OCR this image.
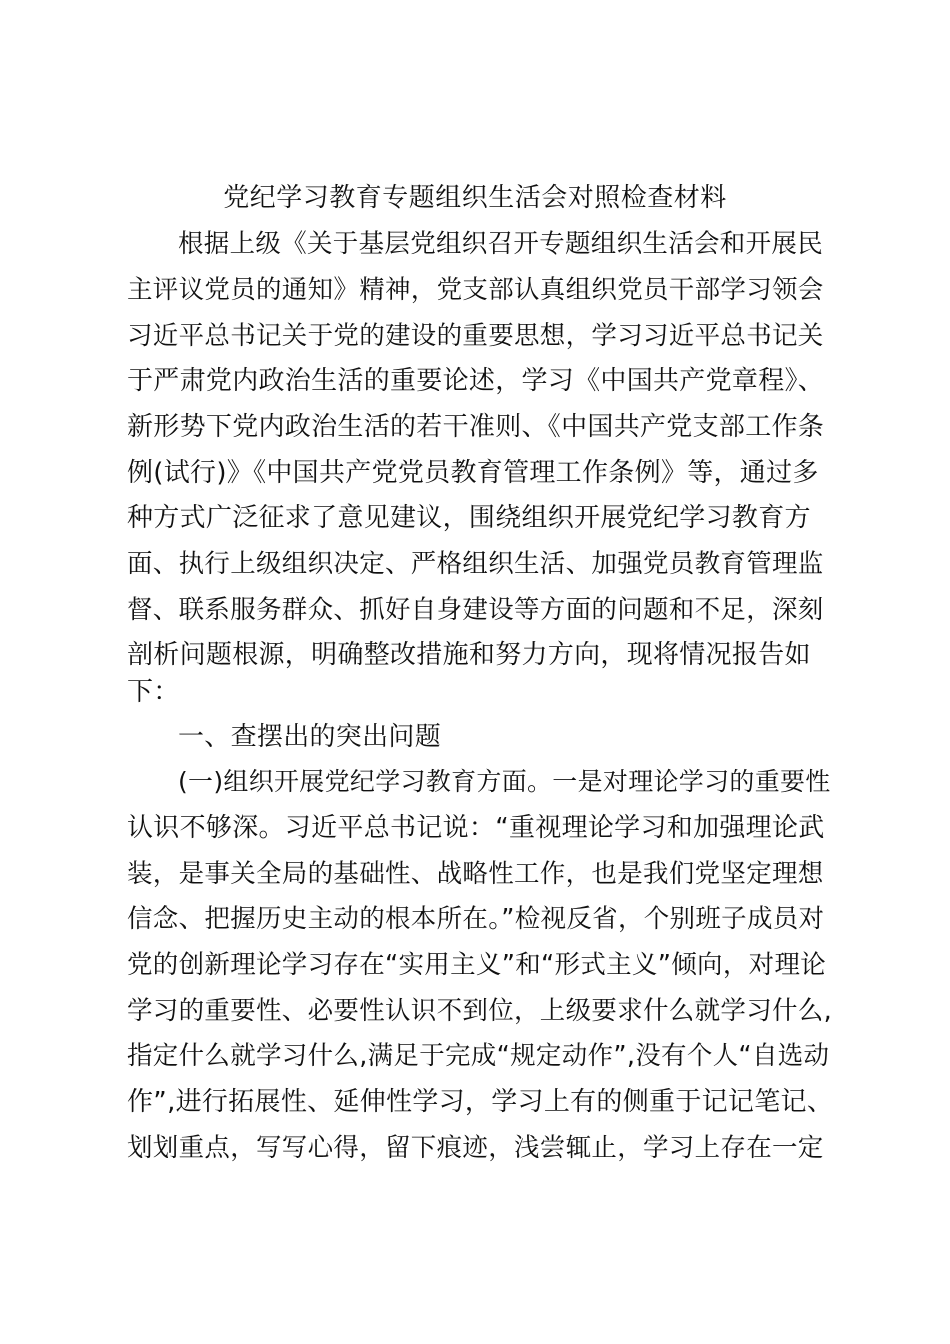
党纪学习教育专题组织生活会对照检查材料
根据上级《关于基层党组织召开专题组织生活会和开展民
主评议党员的通知》精神，党支部认真组织党员干部学习领会
习近平总书记关于党的建设的重要思想，学习习近平总书记关
于严肃党内政治生活的重要论述，学习《中国共产党章程》、
新形势下党内政治生活的若干准则、《中国共产党支部工作条
例(试行)》《中国共产党党员教育管理工作条例》等，通过多
种方式广泛征求了意见建议，围绕组织开展党纪学习教育方
面、执行上级组织决定、严格组织生活、加强党员教育管理监
督、联系服务群众、抓好自身建设等方面的问题和不足，深刻
剖析问题根源，明确整改措施和努力方向，现将情况报告如
下：
一、查摆出的突出问题
(一)组织开展党纪学习教育方面。一是对理论学习的重要性
认识不够深。习近平总书记说：“重视理论学习和加强理论武
装，是事关全局的基础性、战略性工作，也是我们党坚定理想
信念、把握历史主动的根本所在。”检视反省，个别班子成员对
党的创新理论学习存在“实用主义”和“形式主义”倾向，对理论
学习的重要性、必要性认识不到位，上级要求什么就学习什么,
指定什么就学习什么,满足于完成“规定动作”,没有个人“自选动
作”,进行拓展性、延伸性学习，学习上有的侧重于记记笔记、
划划重点，写写心得，留下痕迹，浅尝辄止，学习上存在一定
